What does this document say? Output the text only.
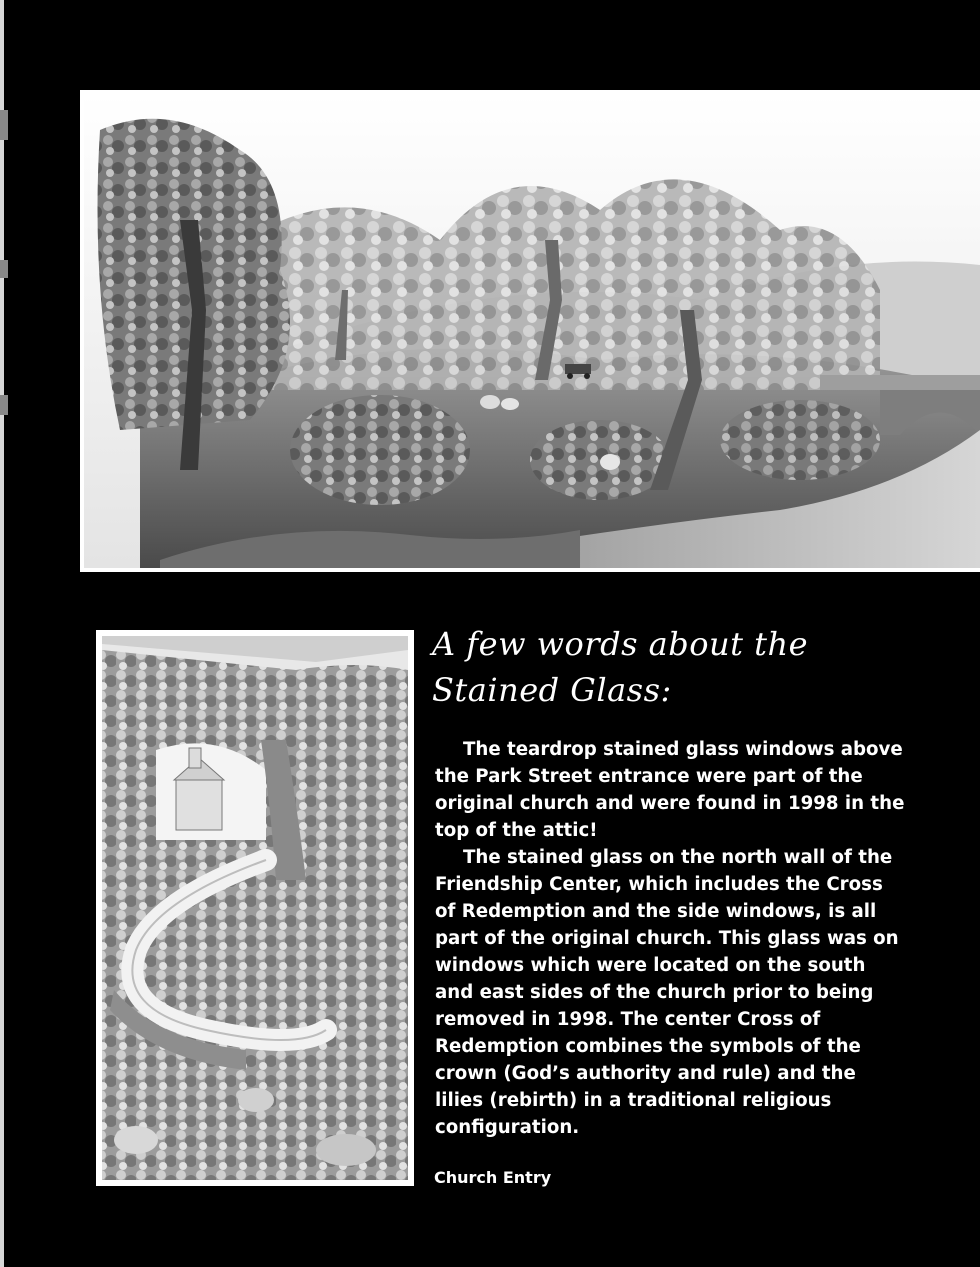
A few words about the
Stained Glass:

The teardrop stained glass windows above the Park Street entrance were part of the original church and were found in 1998 in the top of the attic!

The stained glass on the north wall of the Friendship Center, which includes the Cross of Redemption and the side windows, is all part of the original church. This glass was on windows which were located on the south and east sides of the church prior to being removed in 1998. The center Cross of Redemption combines the symbols of the crown (God’s authority and rule) and the lilies (rebirth) in a traditional religious configuration.

Church Entry
